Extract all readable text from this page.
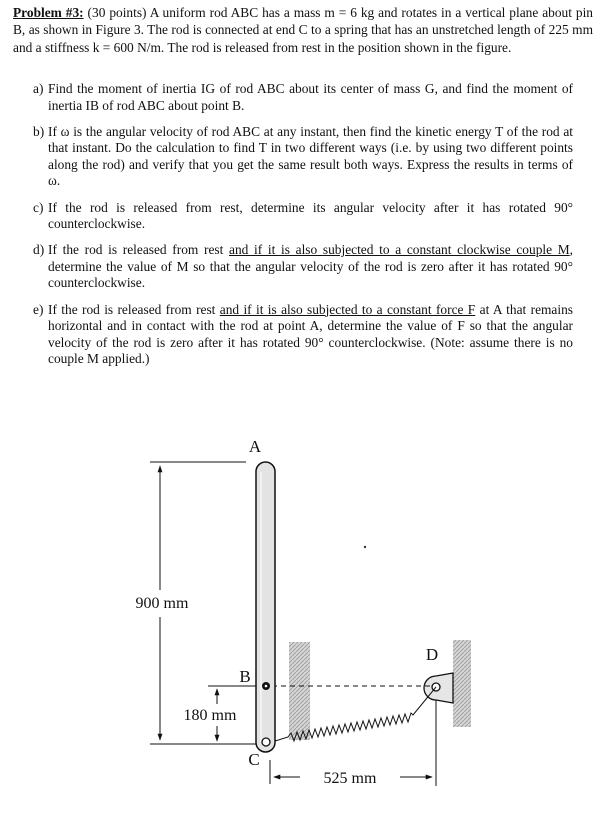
Problem #3: (30 points) A uniform rod ABC has a mass m = 6 kg and rotates in a vertical plane about pin B, as shown in Figure 3. The rod is connected at end C to a spring that has an unstretched length of 225 mm and a stiffness k = 600 N/m. The rod is released from rest in the position shown in the figure.
a) Find the moment of inertia IG of rod ABC about its center of mass G, and find the moment of inertia IB of rod ABC about point B.
b) If ω is the angular velocity of rod ABC at any instant, then find the kinetic energy T of the rod at that instant. Do the calculation to find T in two different ways (i.e. by using two different points along the rod) and verify that you get the same result both ways. Express the results in terms of ω.
c) If the rod is released from rest, determine its angular velocity after it has rotated 90° counterclockwise.
d) If the rod is released from rest and if it is also subjected to a constant clockwise couple M, determine the value of M so that the angular velocity of the rod is zero after it has rotated 90° counterclockwise.
e) If the rod is released from rest and if it is also subjected to a constant force F at A that remains horizontal and in contact with the rod at point A, determine the value of F so that the angular velocity of the rod is zero after it has rotated 90° counterclockwise. (Note: assume there is no couple M applied.)
900 mm
180 mm
A
B
C
D
525 mm
